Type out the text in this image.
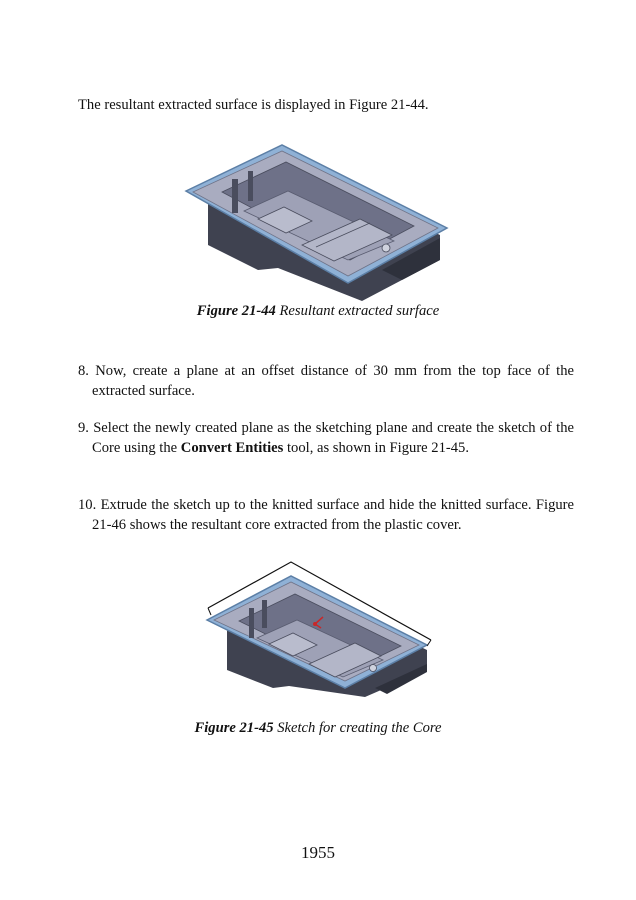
The resultant extracted surface is displayed in Figure 21-44.
Figure 21-44 Resultant extracted surface
8. Now, create a plane at an offset distance of 30 mm from the top face of the extracted surface.
9. Select the newly created plane as the sketching plane and create the sketch of the Core using the Convert Entities tool, as shown in Figure 21-45.
10. Extrude the sketch up to the knitted surface and hide the knitted surface. Figure 21-46 shows the resultant core extracted from the plastic cover.
Figure 21-45 Sketch for creating the Core
1955
